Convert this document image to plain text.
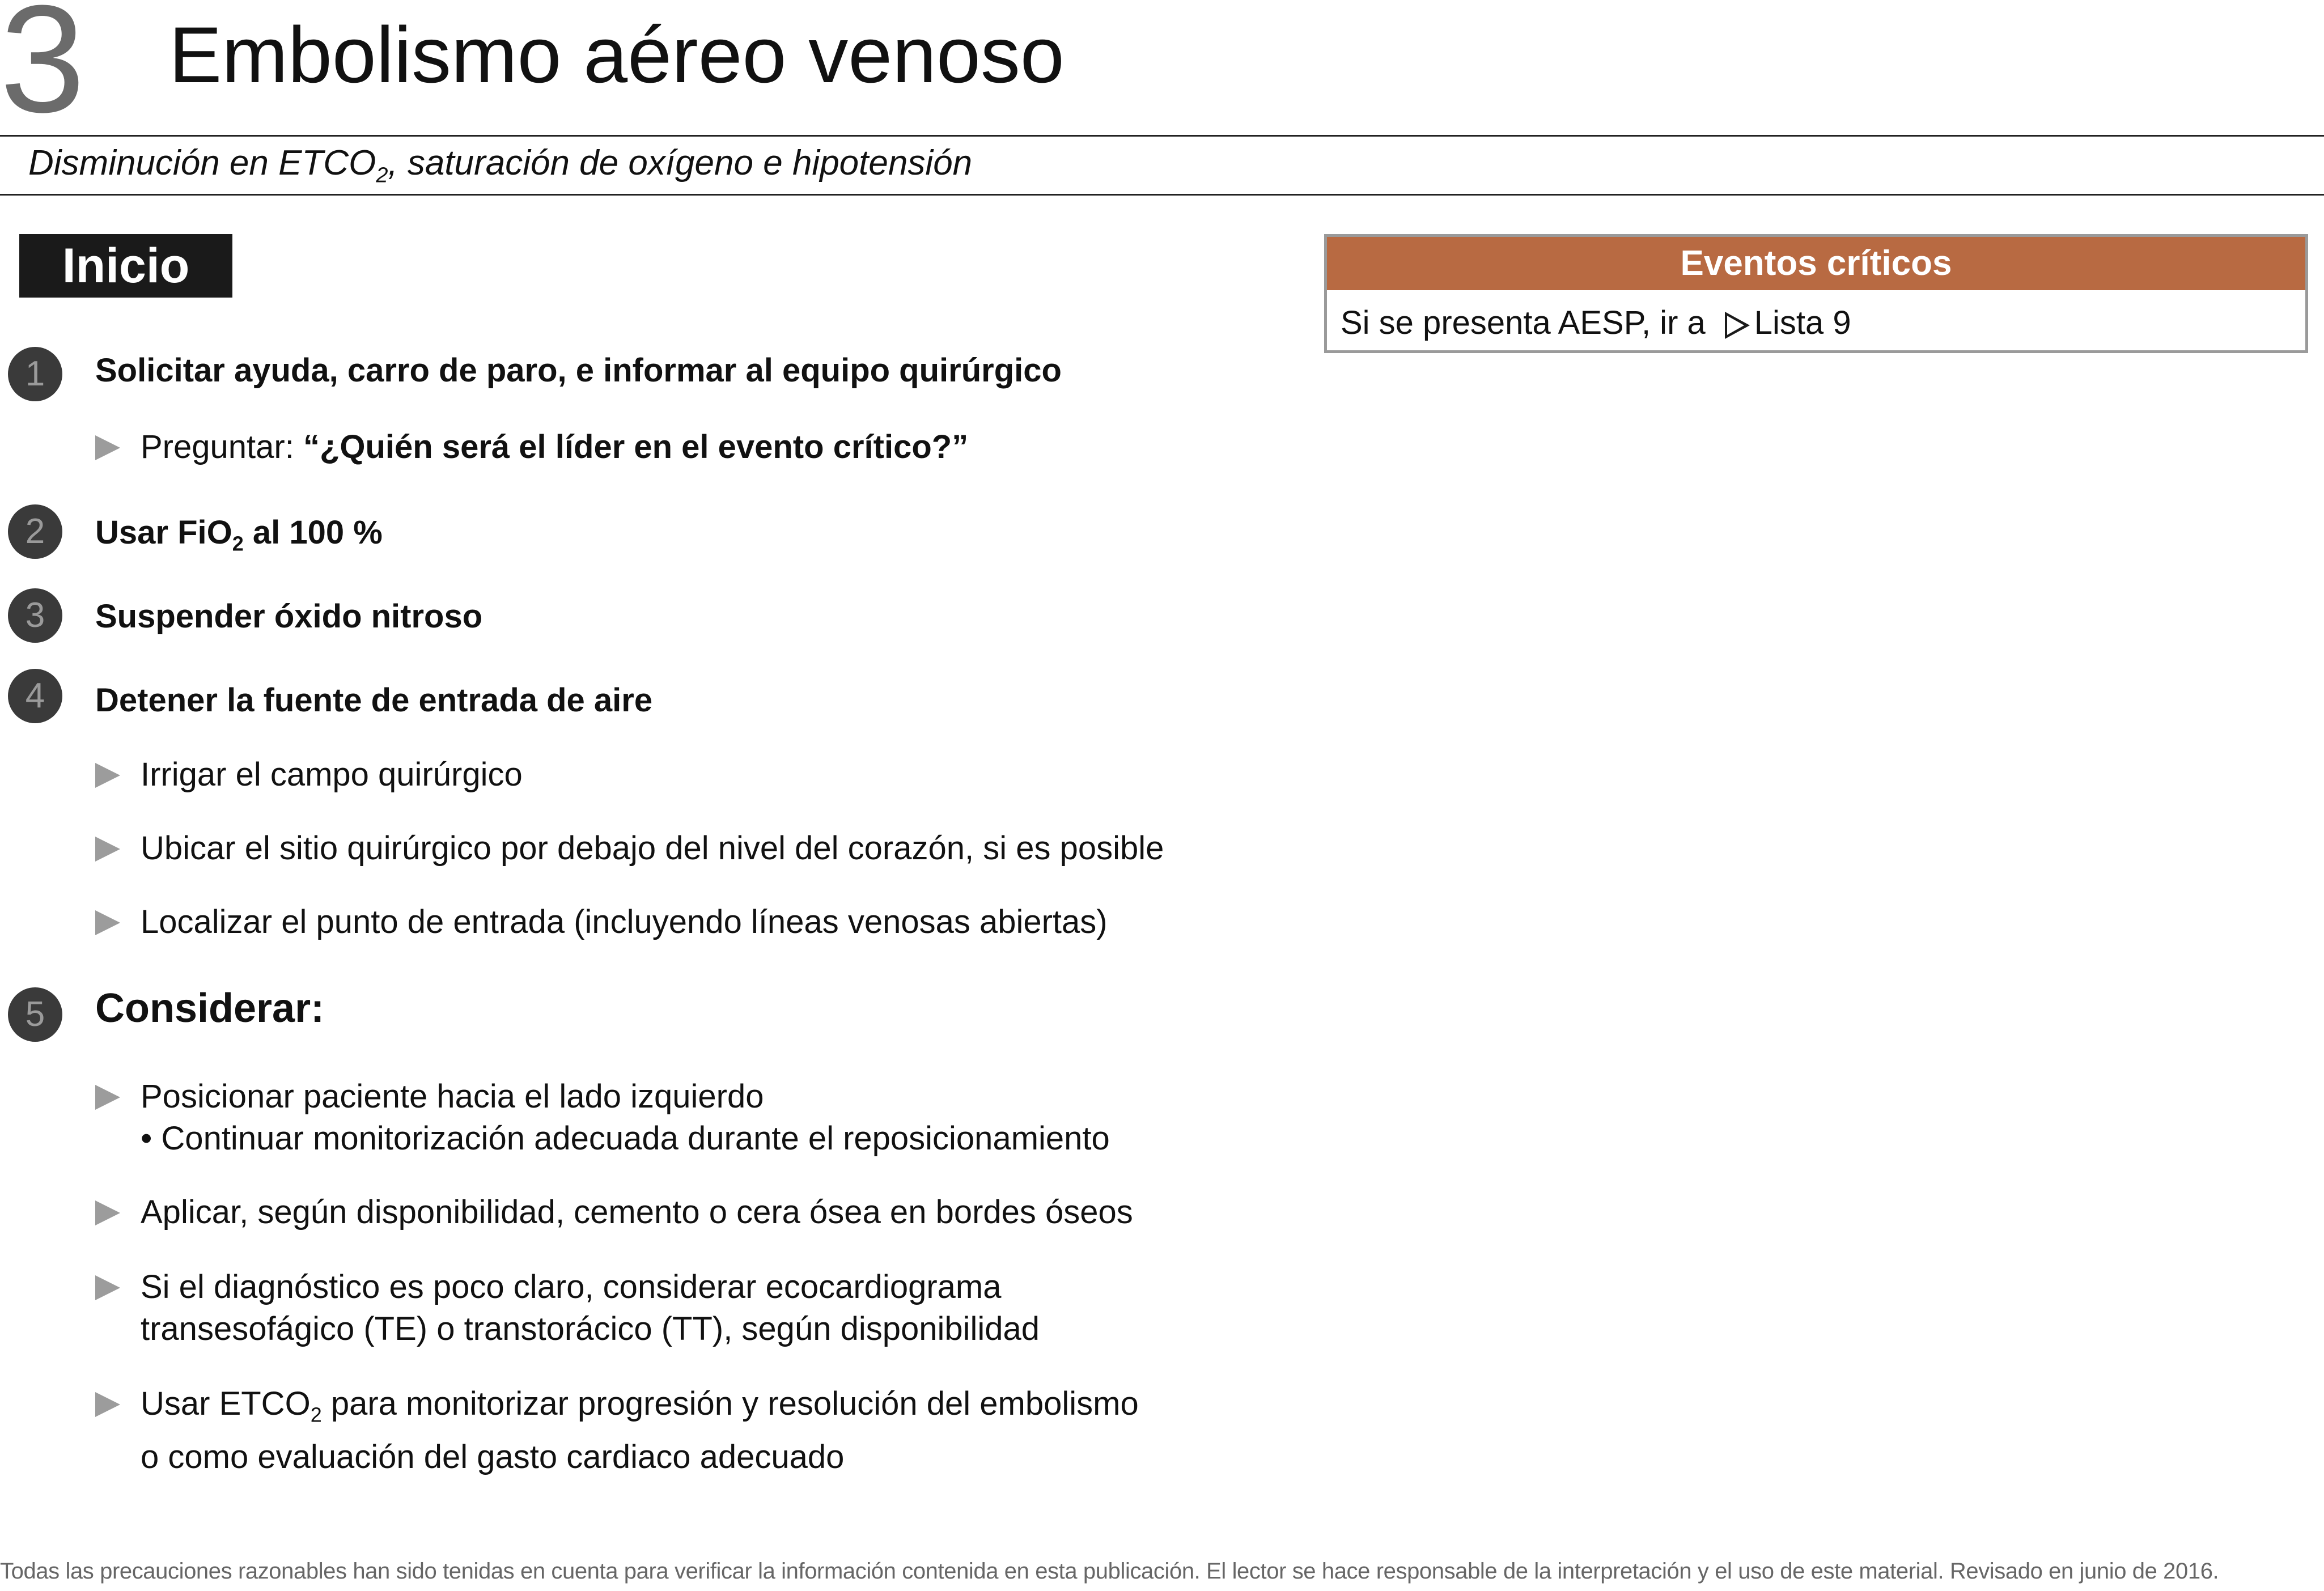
3 Embolismo aéreo venoso
Disminución en $ETCO_2$, saturación de oxígeno e hipotensión
Inicio
1	Solicitar ayuda, carro de paro, e informar al equipo quirúrgico
Preguntar: “¿Quién será el líder en el evento crítico?”
2	Usar FiO$_2$ al 100 %
3	Suspender óxido nitroso
4	Detener la fuente de entrada de aire
Irrigar el campo quirúrgico
Ubicar el sitio quirúrgico por debajo del nivel del corazón, si es posible
Localizar el punto de entrada (incluyendo líneas venosas abiertas)
5	Considerar:
Posicionar paciente hacia el lado izquierdo
• Continuar monitorización adecuada durante el reposicionamiento
Aplicar, según disponibilidad, cemento o cera ósea en bordes óseos
Si el diagnóstico es poco claro, considerar ecocardiograma
transesofágico (TE) o transtorácico (TT), según disponibilidad
Usar $ETCO_2$ para monitorizar progresión y resolución del embolismo
o como evaluación del gasto cardiaco adecuado
Eventos críticos
Si se presenta AESP, ir a Lista 9
Todas las precauciones razonables han sido tenidas en cuenta para verificar la información contenida en esta publicación. El lector se hace responsable de la interpretación y el uso de este material. Revisado en junio de 2016.
